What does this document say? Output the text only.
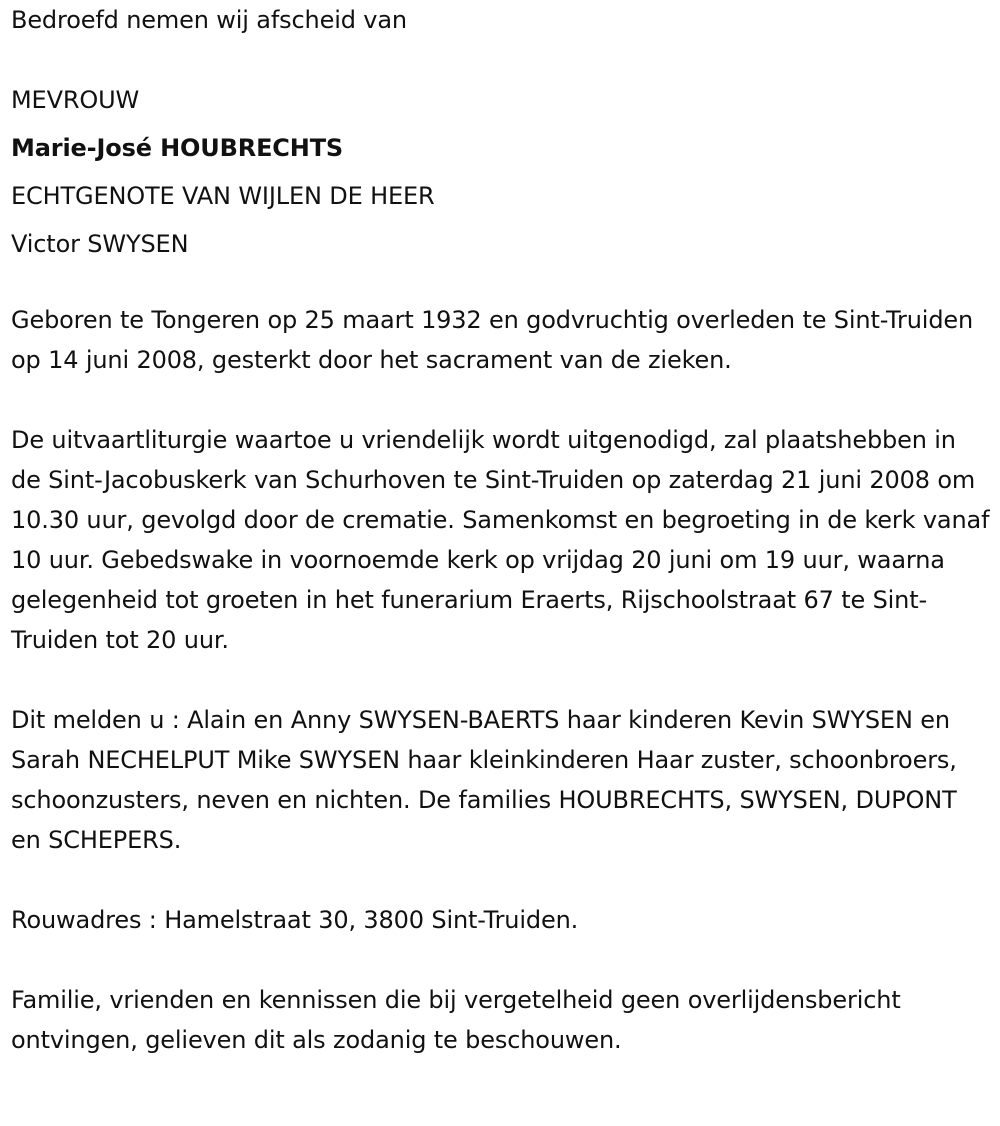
Bedroefd nemen wij afscheid van

MEVROUW

Marie-José HOUBRECHTS

ECHTGENOTE VAN WIJLEN DE HEER

Victor SWYSEN

Geboren te Tongeren op 25 maart 1932 en godvruchtig overleden te Sint-Truiden op 14 juni 2008, gesterkt door het sacrament van de zieken.

De uitvaartliturgie waartoe u vriendelijk wordt uitgenodigd, zal plaatshebben in de Sint-Jacobuskerk van Schurhoven te Sint-Truiden op zaterdag 21 juni 2008 om 10.30 uur, gevolgd door de crematie. Samenkomst en begroeting in de kerk vanaf 10 uur. Gebedswake in voornoemde kerk op vrijdag 20 juni om 19 uur, waarna gelegenheid tot groeten in het funerarium Eraerts, Rijschoolstraat 67 te Sint-Truiden tot 20 uur.

Dit melden u : Alain en Anny SWYSEN-BAERTS haar kinderen Kevin SWYSEN en Sarah NECHELPUT Mike SWYSEN haar kleinkinderen Haar zuster, schoonbroers, schoonzusters, neven en nichten. De families HOUBRECHTS, SWYSEN, DUPONT en SCHEPERS.

Rouwadres : Hamelstraat 30, 3800 Sint-Truiden.

Familie, vrienden en kennissen die bij vergetelheid geen overlijdensbericht ontvingen, gelieven dit als zodanig te beschouwen.
